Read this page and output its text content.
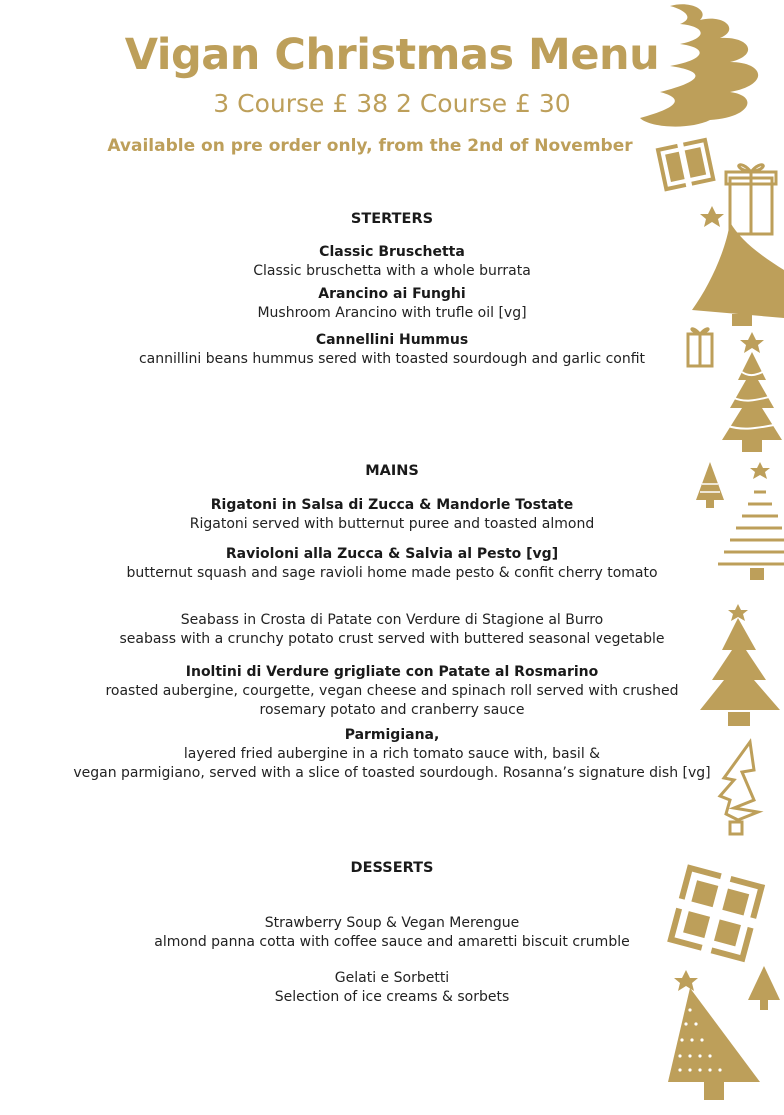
Vigan Christmas Menu
3 Course £ 38 2 Course £ 30
Available on pre order only, from the 2nd of November
STERTERS
Classic Bruschetta
Classic bruschetta with a whole burrata
Arancino ai Funghi
Mushroom Arancino with trufle oil [vg]
Cannellini Hummus
cannillini beans hummus sered with toasted sourdough and garlic confit
MAINS
Rigatoni in Salsa di Zucca & Mandorle Tostate
Rigatoni served with butternut puree and toasted almond
Ravioloni alla Zucca & Salvia al Pesto [vg]
butternut squash and sage ravioli home made pesto & confit cherry tomato
Seabass in Crosta di Patate con Verdure di Stagione al Burro
seabass with a crunchy potato crust served with buttered seasonal vegetable
Inoltini di Verdure grigliate con Patate al Rosmarino
roasted aubergine, courgette, vegan cheese and spinach roll served with crushed
rosemary potato and cranberry sauce
Parmigiana,
layered fried aubergine in a rich tomato sauce with, basil &
vegan parmigiano, served with a slice of toasted sourdough. Rosanna’s signature dish [vg]
DESSERTS
Strawberry Soup & Vegan Merengue
almond panna cotta with coffee sauce and amaretti biscuit crumble
Gelati e Sorbetti
Selection of ice creams & sorbets
